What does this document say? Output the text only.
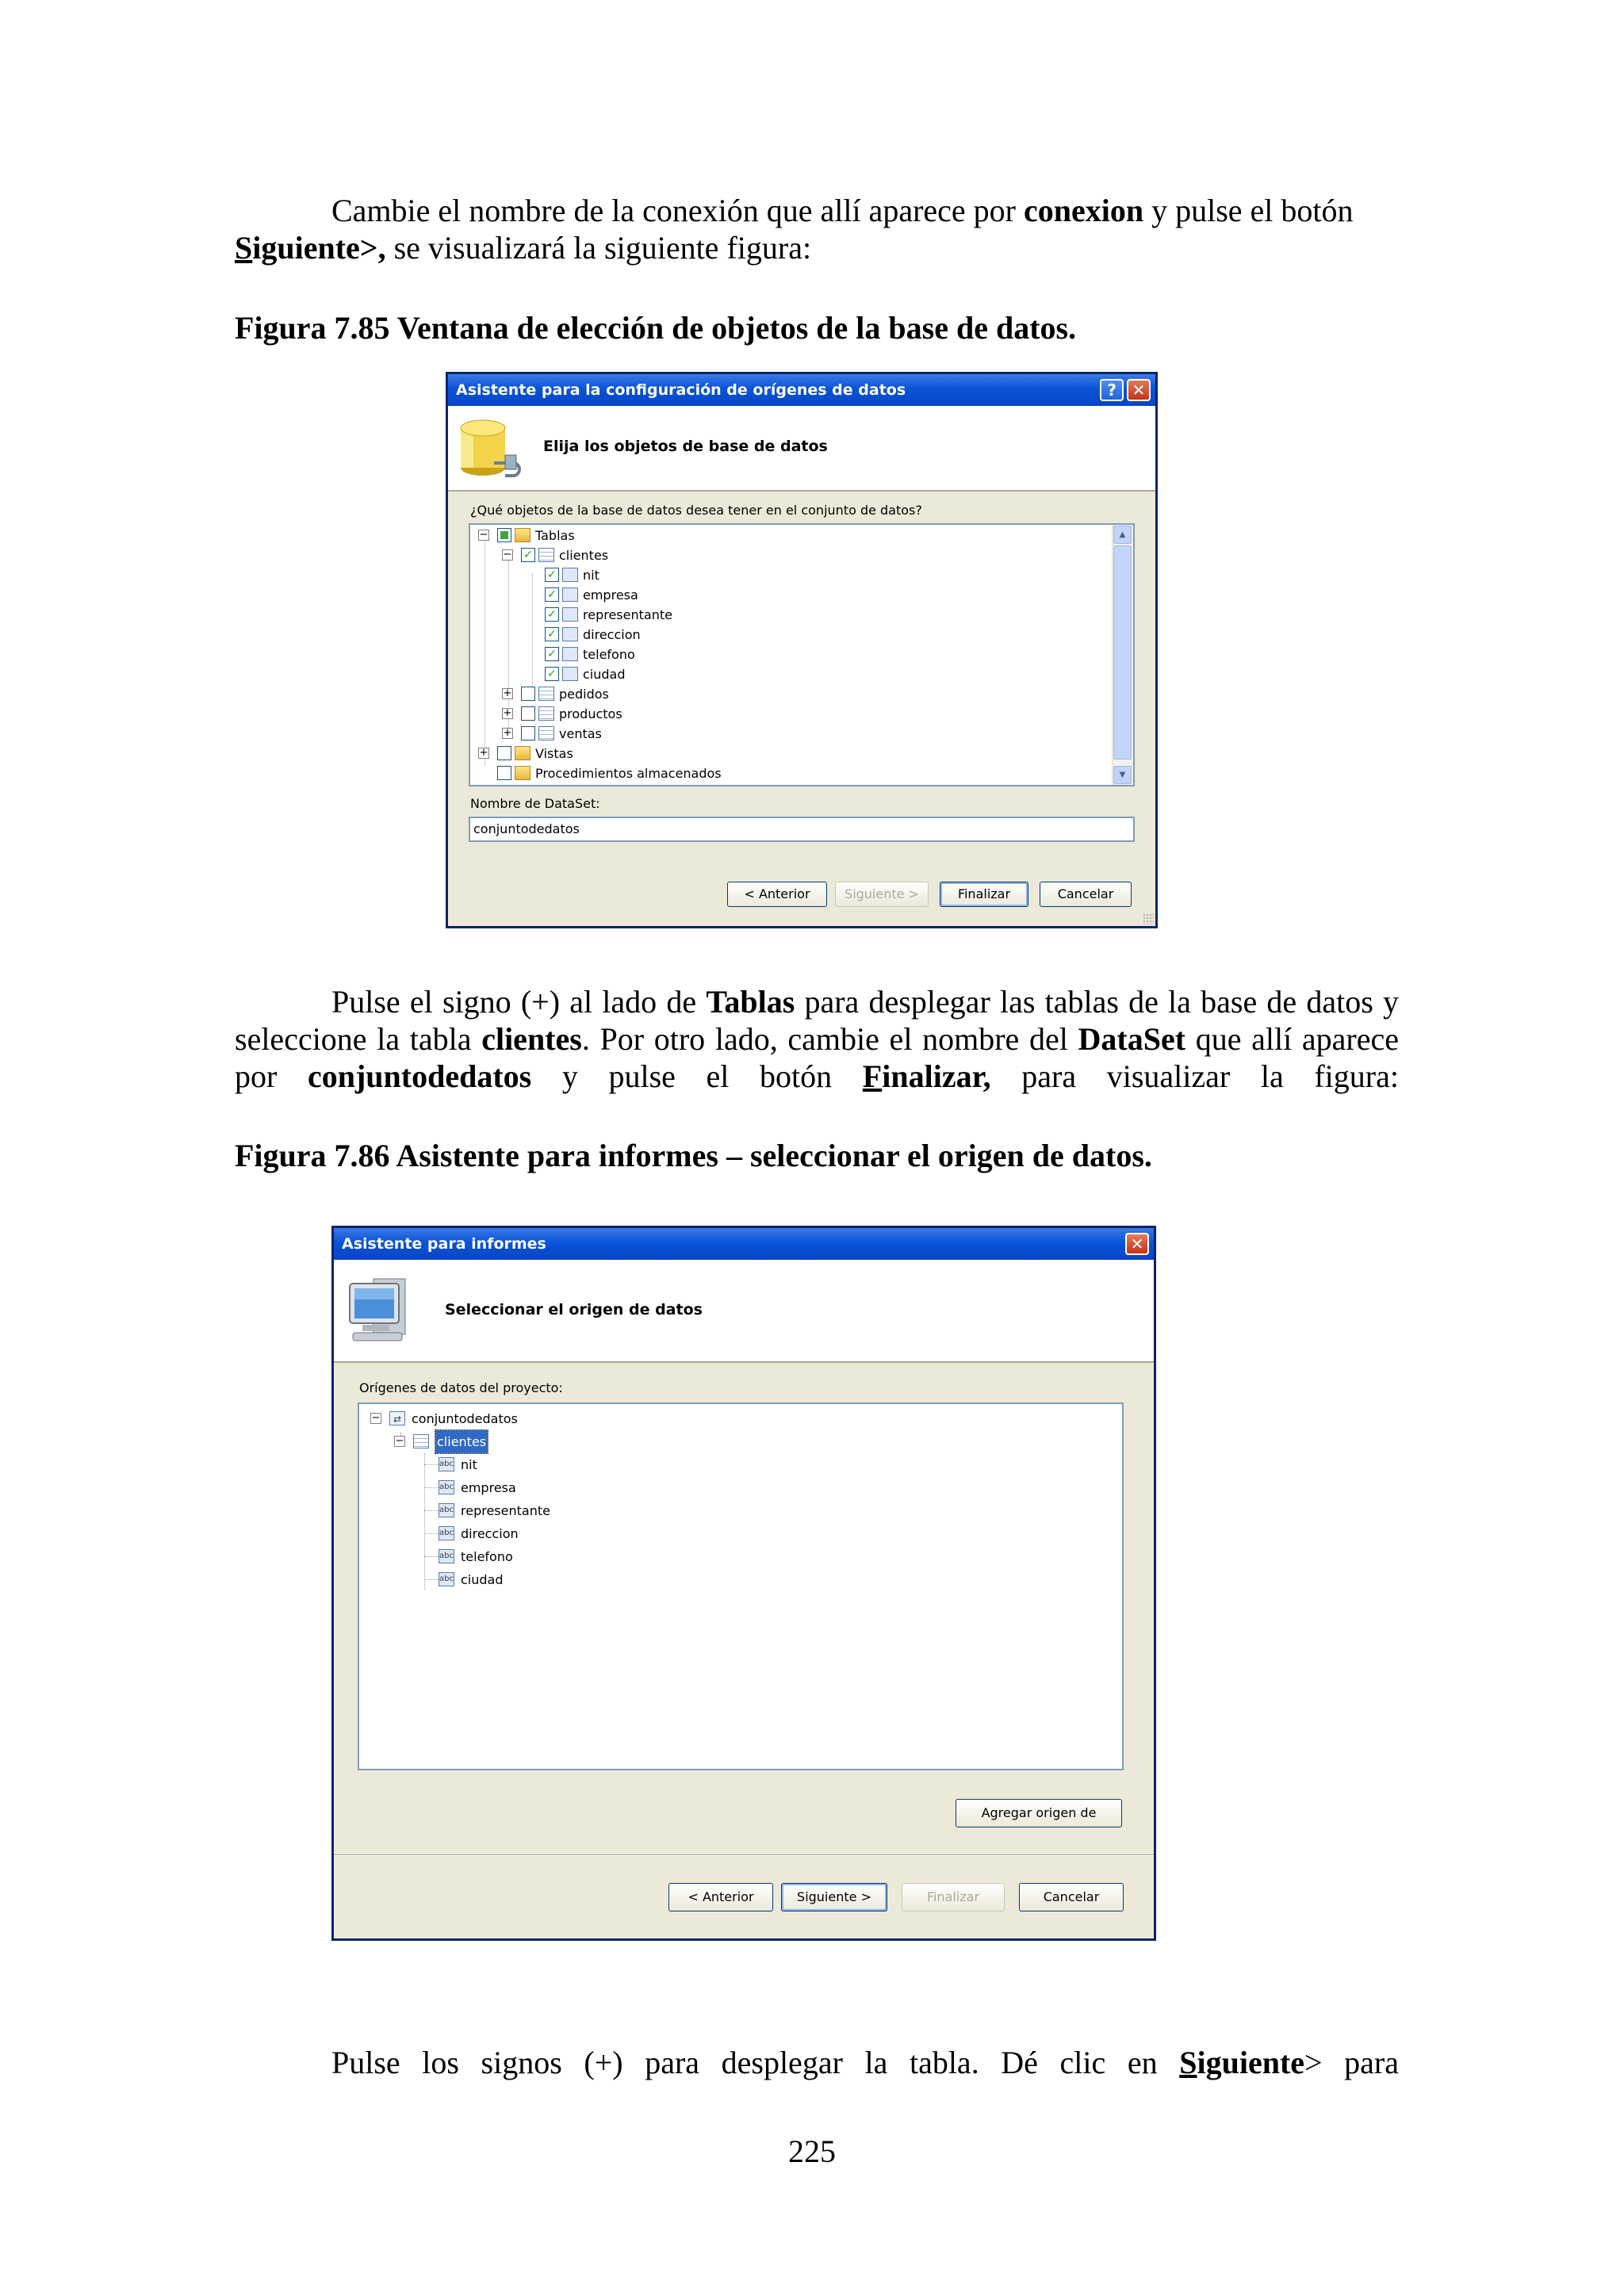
Cambie el nombre de la conexión que allí aparece por conexion y pulse el botón
Siguiente>, se visualizará la siguiente figura:

Figura 7.85 Ventana de elección de objetos de la base de datos.

Asistente para la configuración de orígenes de datos	? ✕
Elija los objetos de base de datos
¿Qué objetos de la base de datos desea tener en el conjunto de datos?
−	Tablas
− ✓ clientes
✓ nit
✓ empresa
✓ representante
✓ direccion
✓ telefono
✓ ciudad
+	pedidos
+	productos
+	ventas
+	Vistas
Procedimientos almacenados
▲
▼
Nombre de DataSet:
conjuntodedatos
< Anterior	Siguiente >	Finalizar	Cancelar

Pulse el signo (+) al lado de Tablas para desplegar las tablas de la base de datos y seleccione la tabla clientes. Por otro lado, cambie el nombre del DataSet que allí aparece por conjuntodedatos y pulse el botón Finalizar, para visualizar la figura:

Figura 7.86 Asistente para informes – seleccionar el origen de datos.

Asistente para informes	✕
Seleccionar el origen de datos
Orígenes de datos del proyecto:
−	⇄ conjuntodedatos
−	clientes
abc nit
abc empresa
abc representante
abc direccion
abc telefono
abc ciudad
Agregar origen de
< Anterior	Siguiente >	Finalizar	Cancelar

Pulse los signos (+) para desplegar la tabla. Dé clic en Siguiente> para

225
